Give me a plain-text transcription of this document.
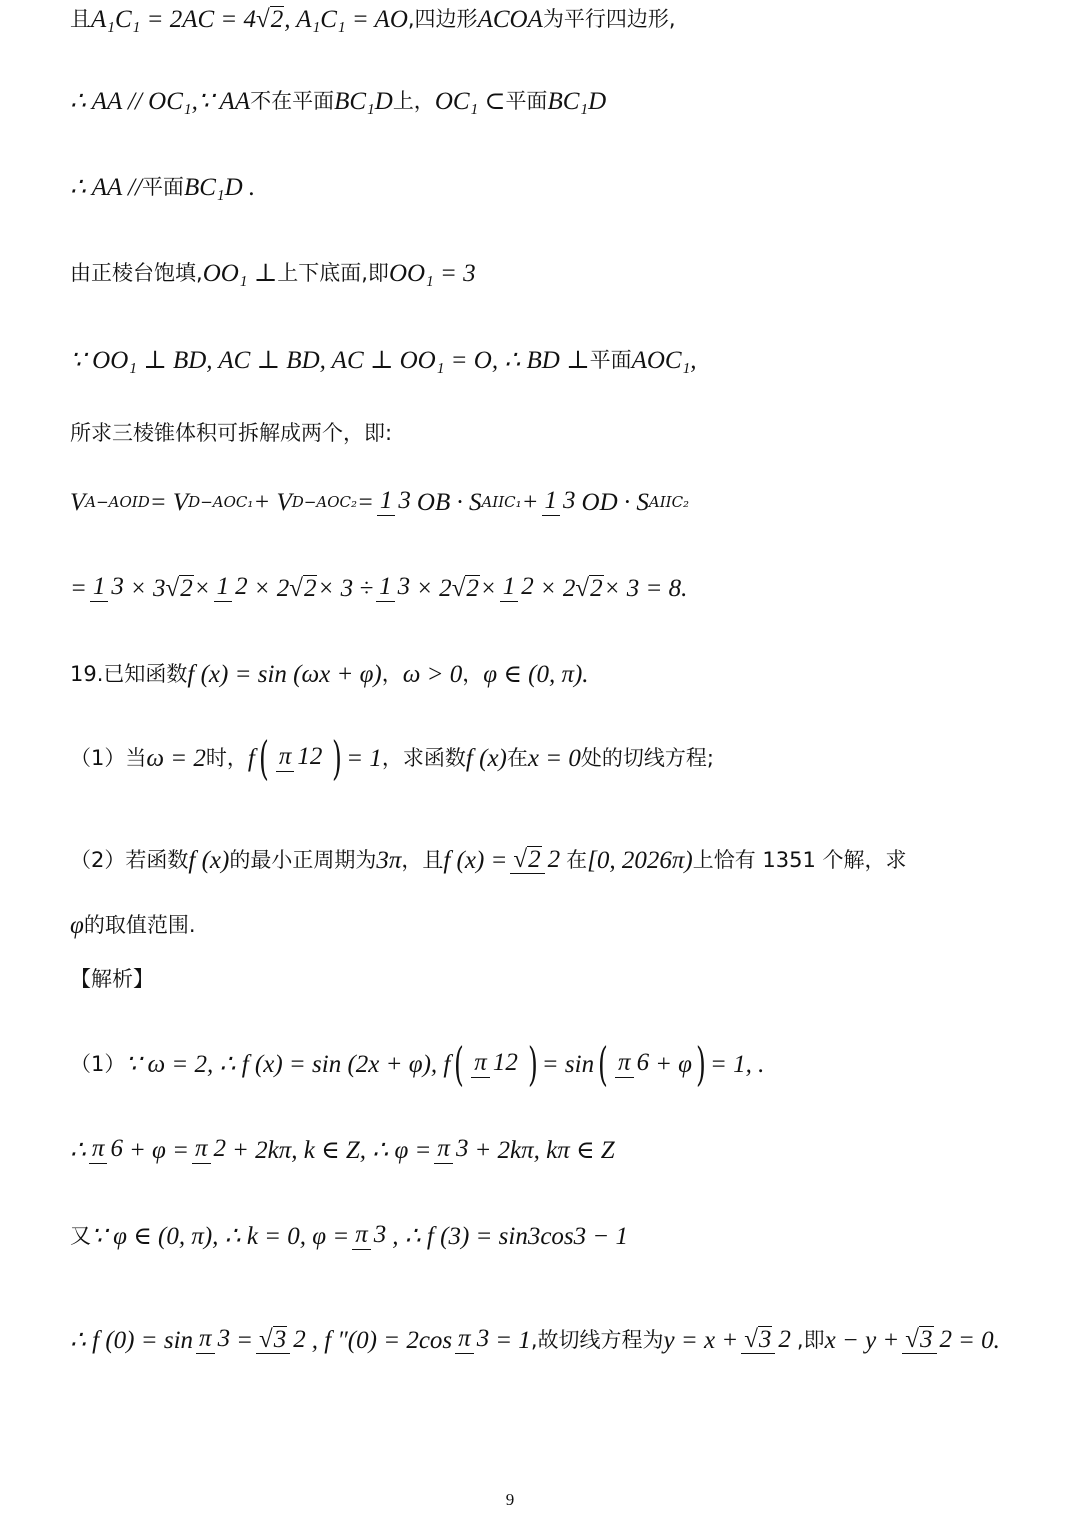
且 A₁C₁ = 2AC = 4 √2 , A₁C₁ = AO ,四边形 ACOA 为平行四边形,
∴ AA // OC₁,∵ AA 不在平面 BC₁D 上， OC₁ ⊂ 平面 BC₁D
∴ AA // 平面 BC₁D .
由正棱台饱填, OO₁ ⊥ 上下底面,即 OO₁ = 3
∵ OO₁ ⊥ BD, AC ⊥ BD, AC ⊥ OO₁ = O, ∴ BD ⊥ 平面 AOC₁,
所求三棱锥体积可拆解成两个，即:
V A−AOID = V D−AOC₁ + V D−AOC₂ = 1 3 OB · S AIIC₁ + 1 3 OD · S AIIC₂
= 1 3 × 3 √2 × 1 2 × 2 √2 × 3 ÷ 1 3 × 2 √2 × 1 2 × 2 √2 × 3 = 8.
19. 已知函数 f (x) = sin (ωx + φ) ， ω > 0 ， φ ∈ (0, π) .
（1） 当 ω = 2 时， f ( π 12 ) = 1 ，求函数 f (x) 在 x = 0 处的切线方程;
（2） 若函数 f (x) 的最小正周期为 3π ，且 f (x) = √2 2 在 [0, 2026π) 上恰有 1351 个解，求
φ 的取值范围.
【解析】
（1） ∵ ω = 2, ∴ f (x) = sin (2x + φ), f ( π 12 ) = sin ( π 6 + φ ) = 1, .
∴ π 6 + φ = π 2 + 2kπ, k ∈ Z, ∴ φ = π 3 + 2kπ, kπ ∈ Z
又 ∵ φ ∈ (0, π), ∴ k = 0, φ = π 3 , ∴ f (3) = sin3cos3 − 1
∴ f (0) = sin π 3 = √3 2 , f ″(0) = 2cos π 3 = 1 ,故切线方程为 y = x + √3 2 ,即 x − y + √3 2 = 0.
9
